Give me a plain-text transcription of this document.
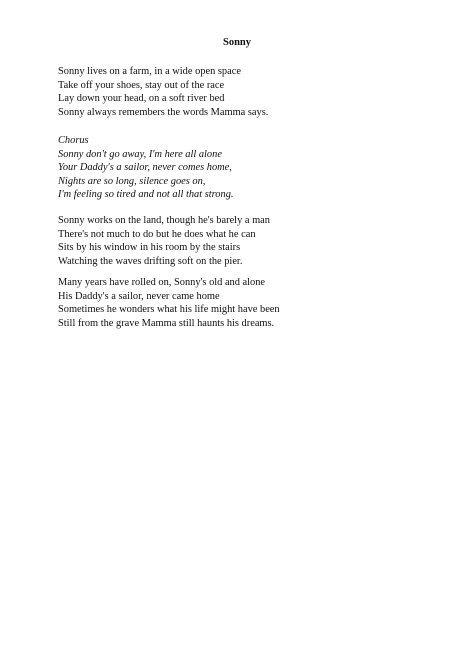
Sonny
Sonny lives on a farm, in a wide open space
Take off your shoes, stay out of the race
Lay down your head, on a soft river bed
Sonny always remembers the words Mamma says.
Chorus
Sonny don't go away, I'm here all alone
Your Daddy's a sailor, never comes home,
Nights are so long, silence goes on,
I'm feeling so tired and not all that strong.
Sonny works on the land, though he's barely a man
There's not much to do but he does what he can
Sits by his window in his room by the stairs
Watching the waves drifting soft on the pier.
Many years have rolled on, Sonny's old and alone
His Daddy's a sailor, never came home
Sometimes he wonders what his life might have been
Still from the grave Mamma still haunts his dreams.
